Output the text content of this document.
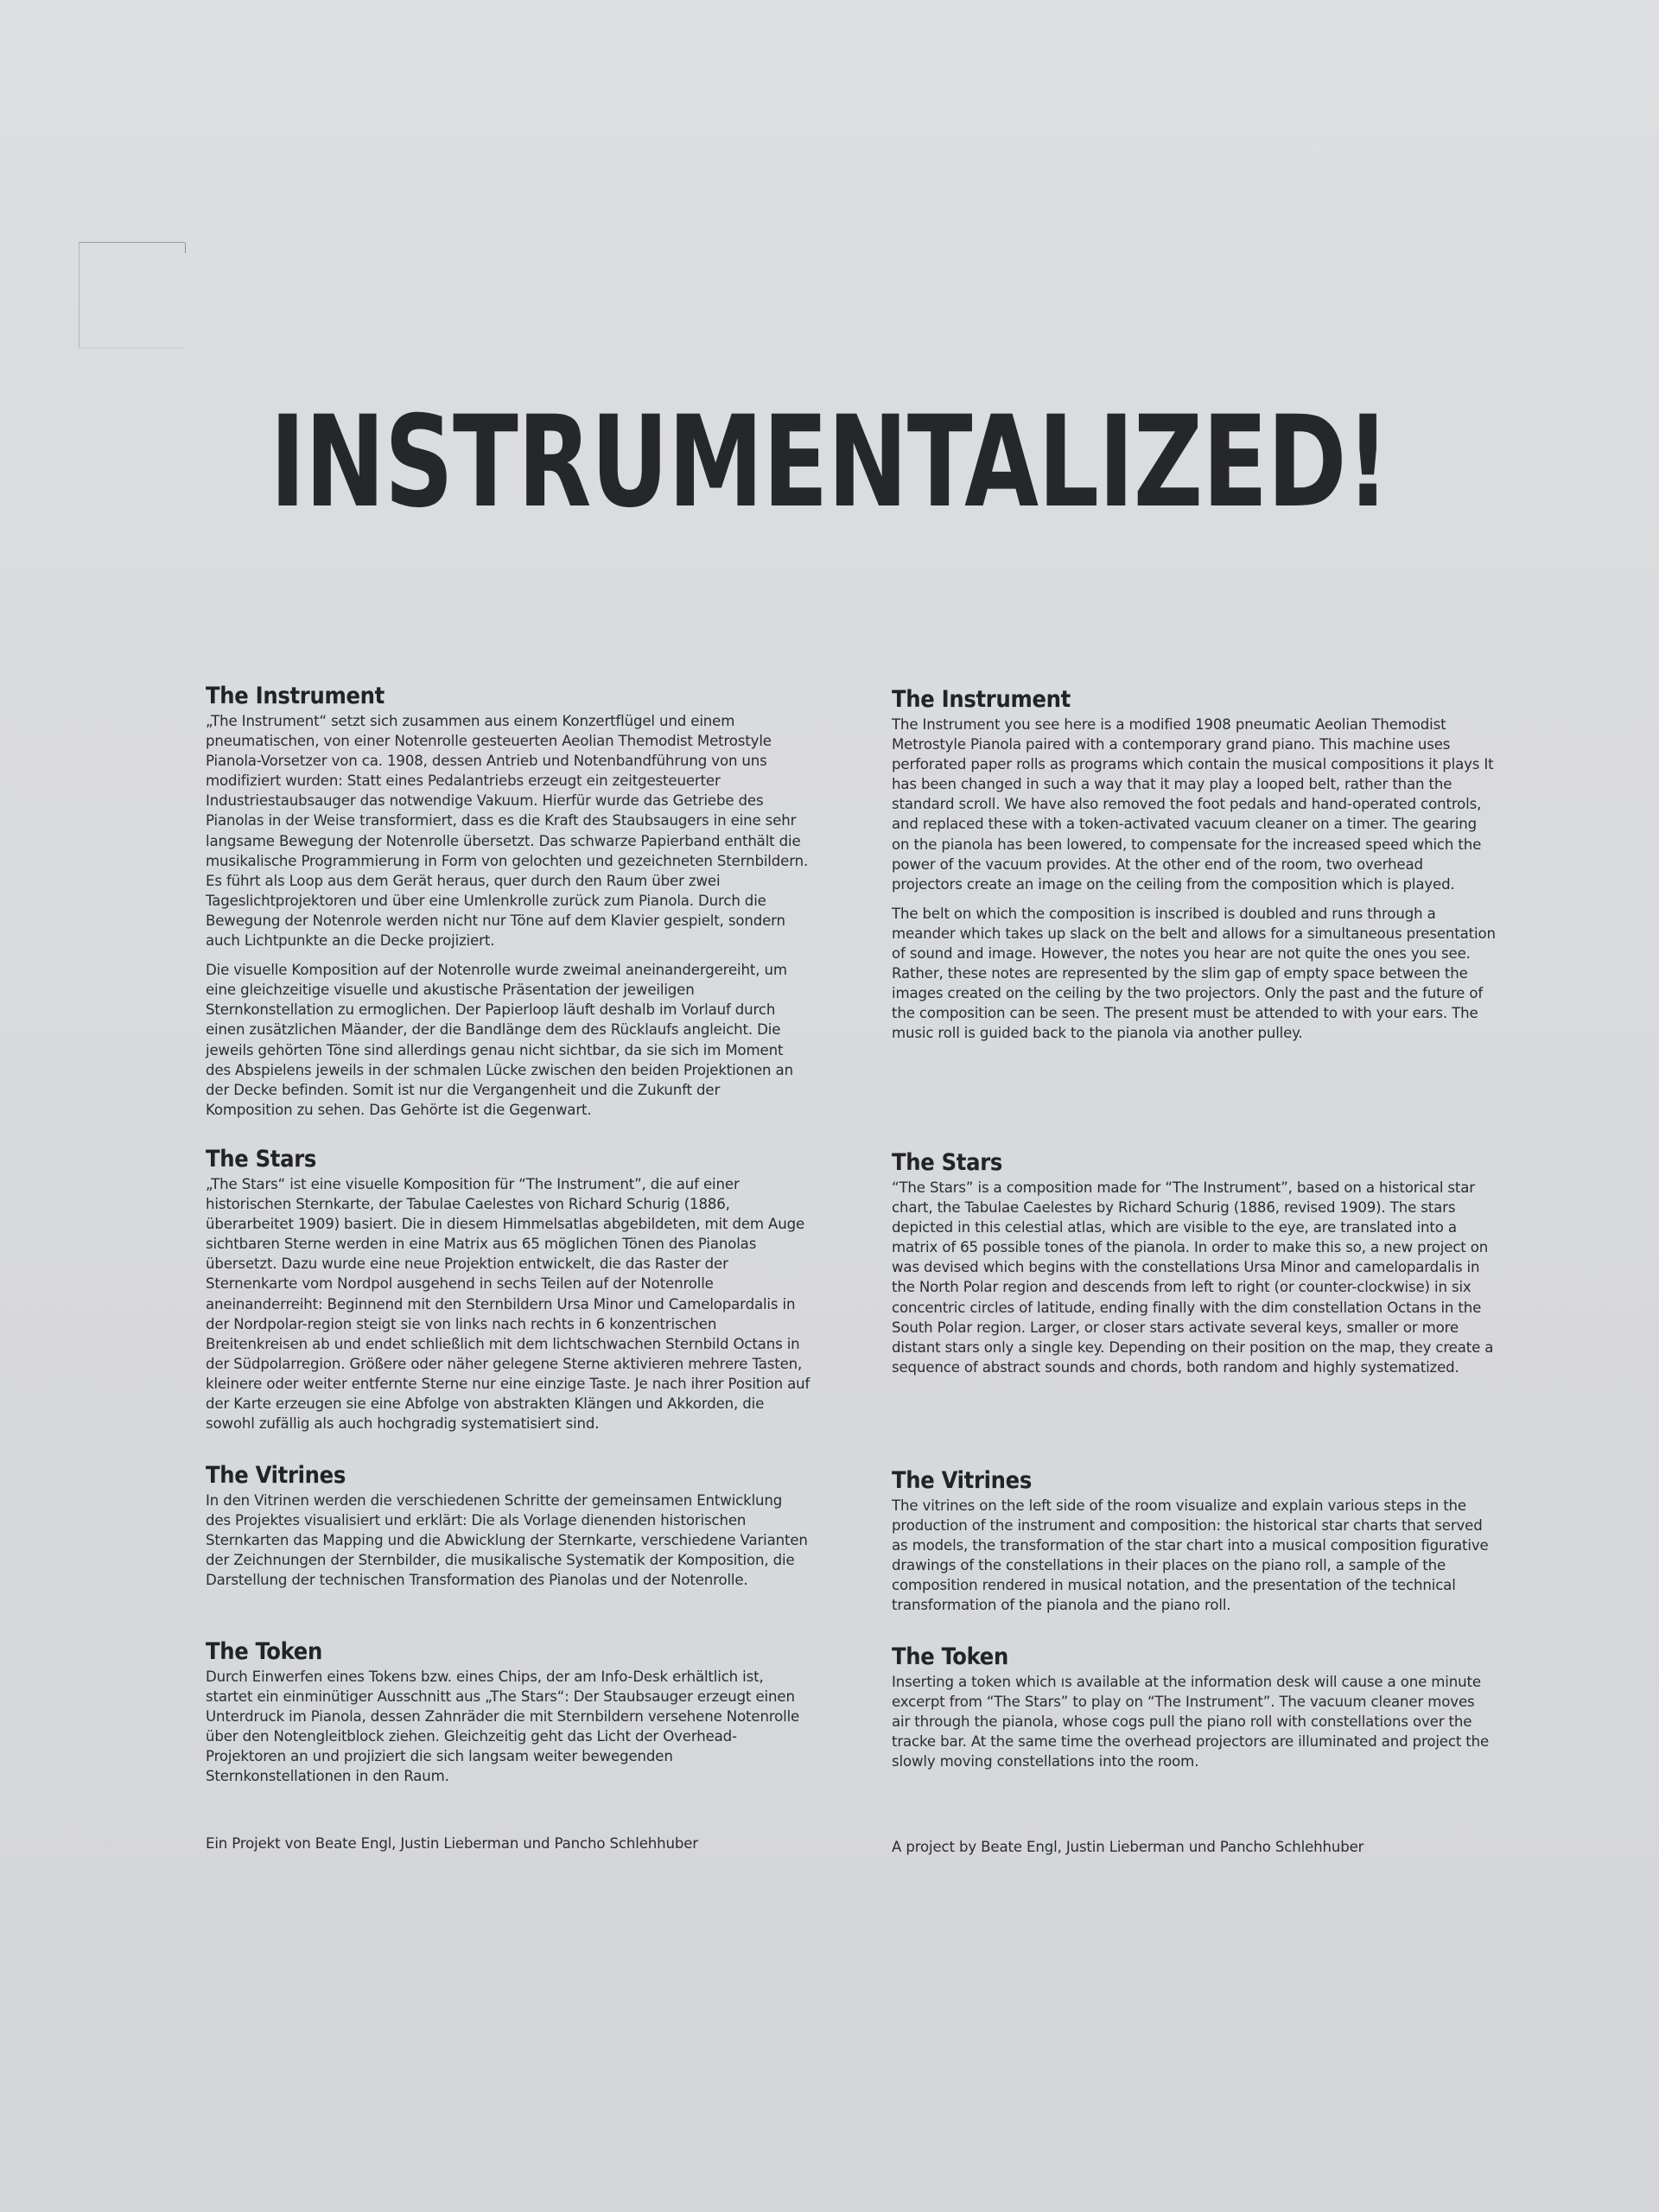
INSTRUMENTALIZED!
The Instrument

„The Instrument“ setzt sich zusammen aus einem Konzertflügel und einem pneumatischen, von einer Notenrolle gesteuerten Aeolian Themodist Metrostyle Pianola-Vorsetzer von ca. 1908, dessen Antrieb und Notenbandführung von uns modifiziert wurden: Statt eines Pedalantriebs erzeugt ein zeitgesteuerter Industriestaubsauger das notwendige Vakuum. Hierfür wurde das Getriebe des Pianolas in der Weise transformiert, dass es die Kraft des Staubsaugers in eine sehr langsame Bewegung der Notenrolle übersetzt. Das schwarze Papierband enthält die musikalische Programmierung in Form von gelochten und gezeichneten Sternbildern. Es führt als Loop aus dem Gerät heraus, quer durch den Raum über zwei Tageslichtprojektoren und über eine Umlenkrolle zurück zum Pianola. Durch die Bewegung der Notenrole werden nicht nur Töne auf dem Klavier gespielt, sondern auch Lichtpunkte an die Decke projiziert.

Die visuelle Komposition auf der Notenrolle wurde zweimal aneinandergereiht, um eine gleichzeitige visuelle und akustische Präsentation der jeweiligen Sternkonstellation zu ermoglichen. Der Papierloop läuft deshalb im Vorlauf durch einen zusätzlichen Mäander, der die Bandlänge dem des Rücklaufs angleicht. Die jeweils gehörten Töne sind allerdings genau nicht sichtbar, da sie sich im Moment des Abspielens jeweils in der schmalen Lücke zwischen den beiden Projektionen an der Decke befinden. Somit ist nur die Vergangenheit und die Zukunft der Komposition zu sehen. Das Gehörte ist die Gegenwart.

The Stars

„The Stars“ ist eine visuelle Komposition für “The Instrument”, die auf einer historischen Sternkarte, der Tabulae Caelestes von Richard Schurig (1886, überarbeitet 1909) basiert. Die in diesem Himmelsatlas abgebildeten, mit dem Auge sichtbaren Sterne werden in eine Matrix aus 65 möglichen Tönen des Pianolas übersetzt. Dazu wurde eine neue Projektion entwickelt, die das Raster der Sternenkarte vom Nordpol ausgehend in sechs Teilen auf der Notenrolle aneinanderreiht: Beginnend mit den Sternbildern Ursa Minor und Camelopardalis in der Nordpolar-region steigt sie von links nach rechts in 6 konzentrischen Breitenkreisen ab und endet schließlich mit dem lichtschwachen Sternbild Octans in der Südpolarregion. Größere oder näher gelegene Sterne aktivieren mehrere Tasten, kleinere oder weiter entfernte Sterne nur eine einzige Taste. Je nach ihrer Position auf der Karte erzeugen sie eine Abfolge von abstrakten Klängen und Akkorden, die sowohl zufällig als auch hochgradig systematisiert sind.

The Vitrines

In den Vitrinen werden die verschiedenen Schritte der gemeinsamen Entwicklung des Projektes visualisiert und erklärt: Die als Vorlage dienenden historischen Sternkarten das Mapping und die Abwicklung der Sternkarte, verschiedene Varianten der Zeichnungen der Sternbilder, die musikalische Systematik der Komposition, die Darstellung der technischen Transformation des Pianolas und der Notenrolle.

The Token

Durch Einwerfen eines Tokens bzw. eines Chips, der am Info-Desk erhältlich ist, startet ein einminütiger Ausschnitt aus „The Stars“: Der Staubsauger erzeugt einen Unterdruck im Pianola, dessen Zahnräder die mit Sternbildern versehene Notenrolle über den Notengleitblock ziehen. Gleichzeitig geht das Licht der Overhead-Projektoren an und projiziert die sich langsam weiter bewegenden Sternkonstellationen in den Raum.

Ein Projekt von Beate Engl, Justin Lieberman und Pancho Schlehhuber
The Instrument

The Instrument you see here is a modified 1908 pneumatic Aeolian Themodist Metrostyle Pianola paired with a contemporary grand piano. This machine uses perforated paper rolls as programs which contain the musical compositions it plays It has been changed in such a way that it may play a looped belt, rather than the standard scroll. We have also removed the foot pedals and hand-operated controls, and replaced these with a token-activated vacuum cleaner on a timer. The gearing on the pianola has been lowered, to compensate for the increased speed which the power of the vacuum provides. At the other end of the room, two overhead projectors create an image on the ceiling from the composition which is played.

The belt on which the composition is inscribed is doubled and runs through a meander which takes up slack on the belt and allows for a simultaneous presentation of sound and image. However, the notes you hear are not quite the ones you see. Rather, these notes are represented by the slim gap of empty space between the images created on the ceiling by the two projectors. Only the past and the future of the composition can be seen. The present must be attended to with your ears. The music roll is guided back to the pianola via another pulley.

The Stars

“The Stars” is a composition made for “The Instrument”, based on a historical star chart, the Tabulae Caelestes by Richard Schurig (1886, revised 1909). The stars depicted in this celestial atlas, which are visible to the eye, are translated into a matrix of 65 possible tones of the pianola. In order to make this so, a new project on was devised which begins with the constellations Ursa Minor and camelopardalis in the North Polar region and descends from left to right (or counter-clockwise) in six concentric circles of latitude, ending finally with the dim constellation Octans in the South Polar region. Larger, or closer stars activate several keys, smaller or more distant stars only a single key. Depending on their position on the map, they create a sequence of abstract sounds and chords, both random and highly systematized.

The Vitrines

The vitrines on the left side of the room visualize and explain various steps in the production of the instrument and composition: the historical star charts that served as models, the transformation of the star chart into a musical composition figurative drawings of the constellations in their places on the piano roll, a sample of the composition rendered in musical notation, and the presentation of the technical transformation of the pianola and the piano roll.

The Token

Inserting a token which ıs available at the information desk will cause a one minute excerpt from “The Stars” to play on “The Instrument”. The vacuum cleaner moves air through the pianola, whose cogs pull the piano roll with constellations over the tracke bar. At the same time the overhead projectors are illuminated and project the slowly moving constellations into the room.

A project by Beate Engl, Justin Lieberman und Pancho Schlehhuber
